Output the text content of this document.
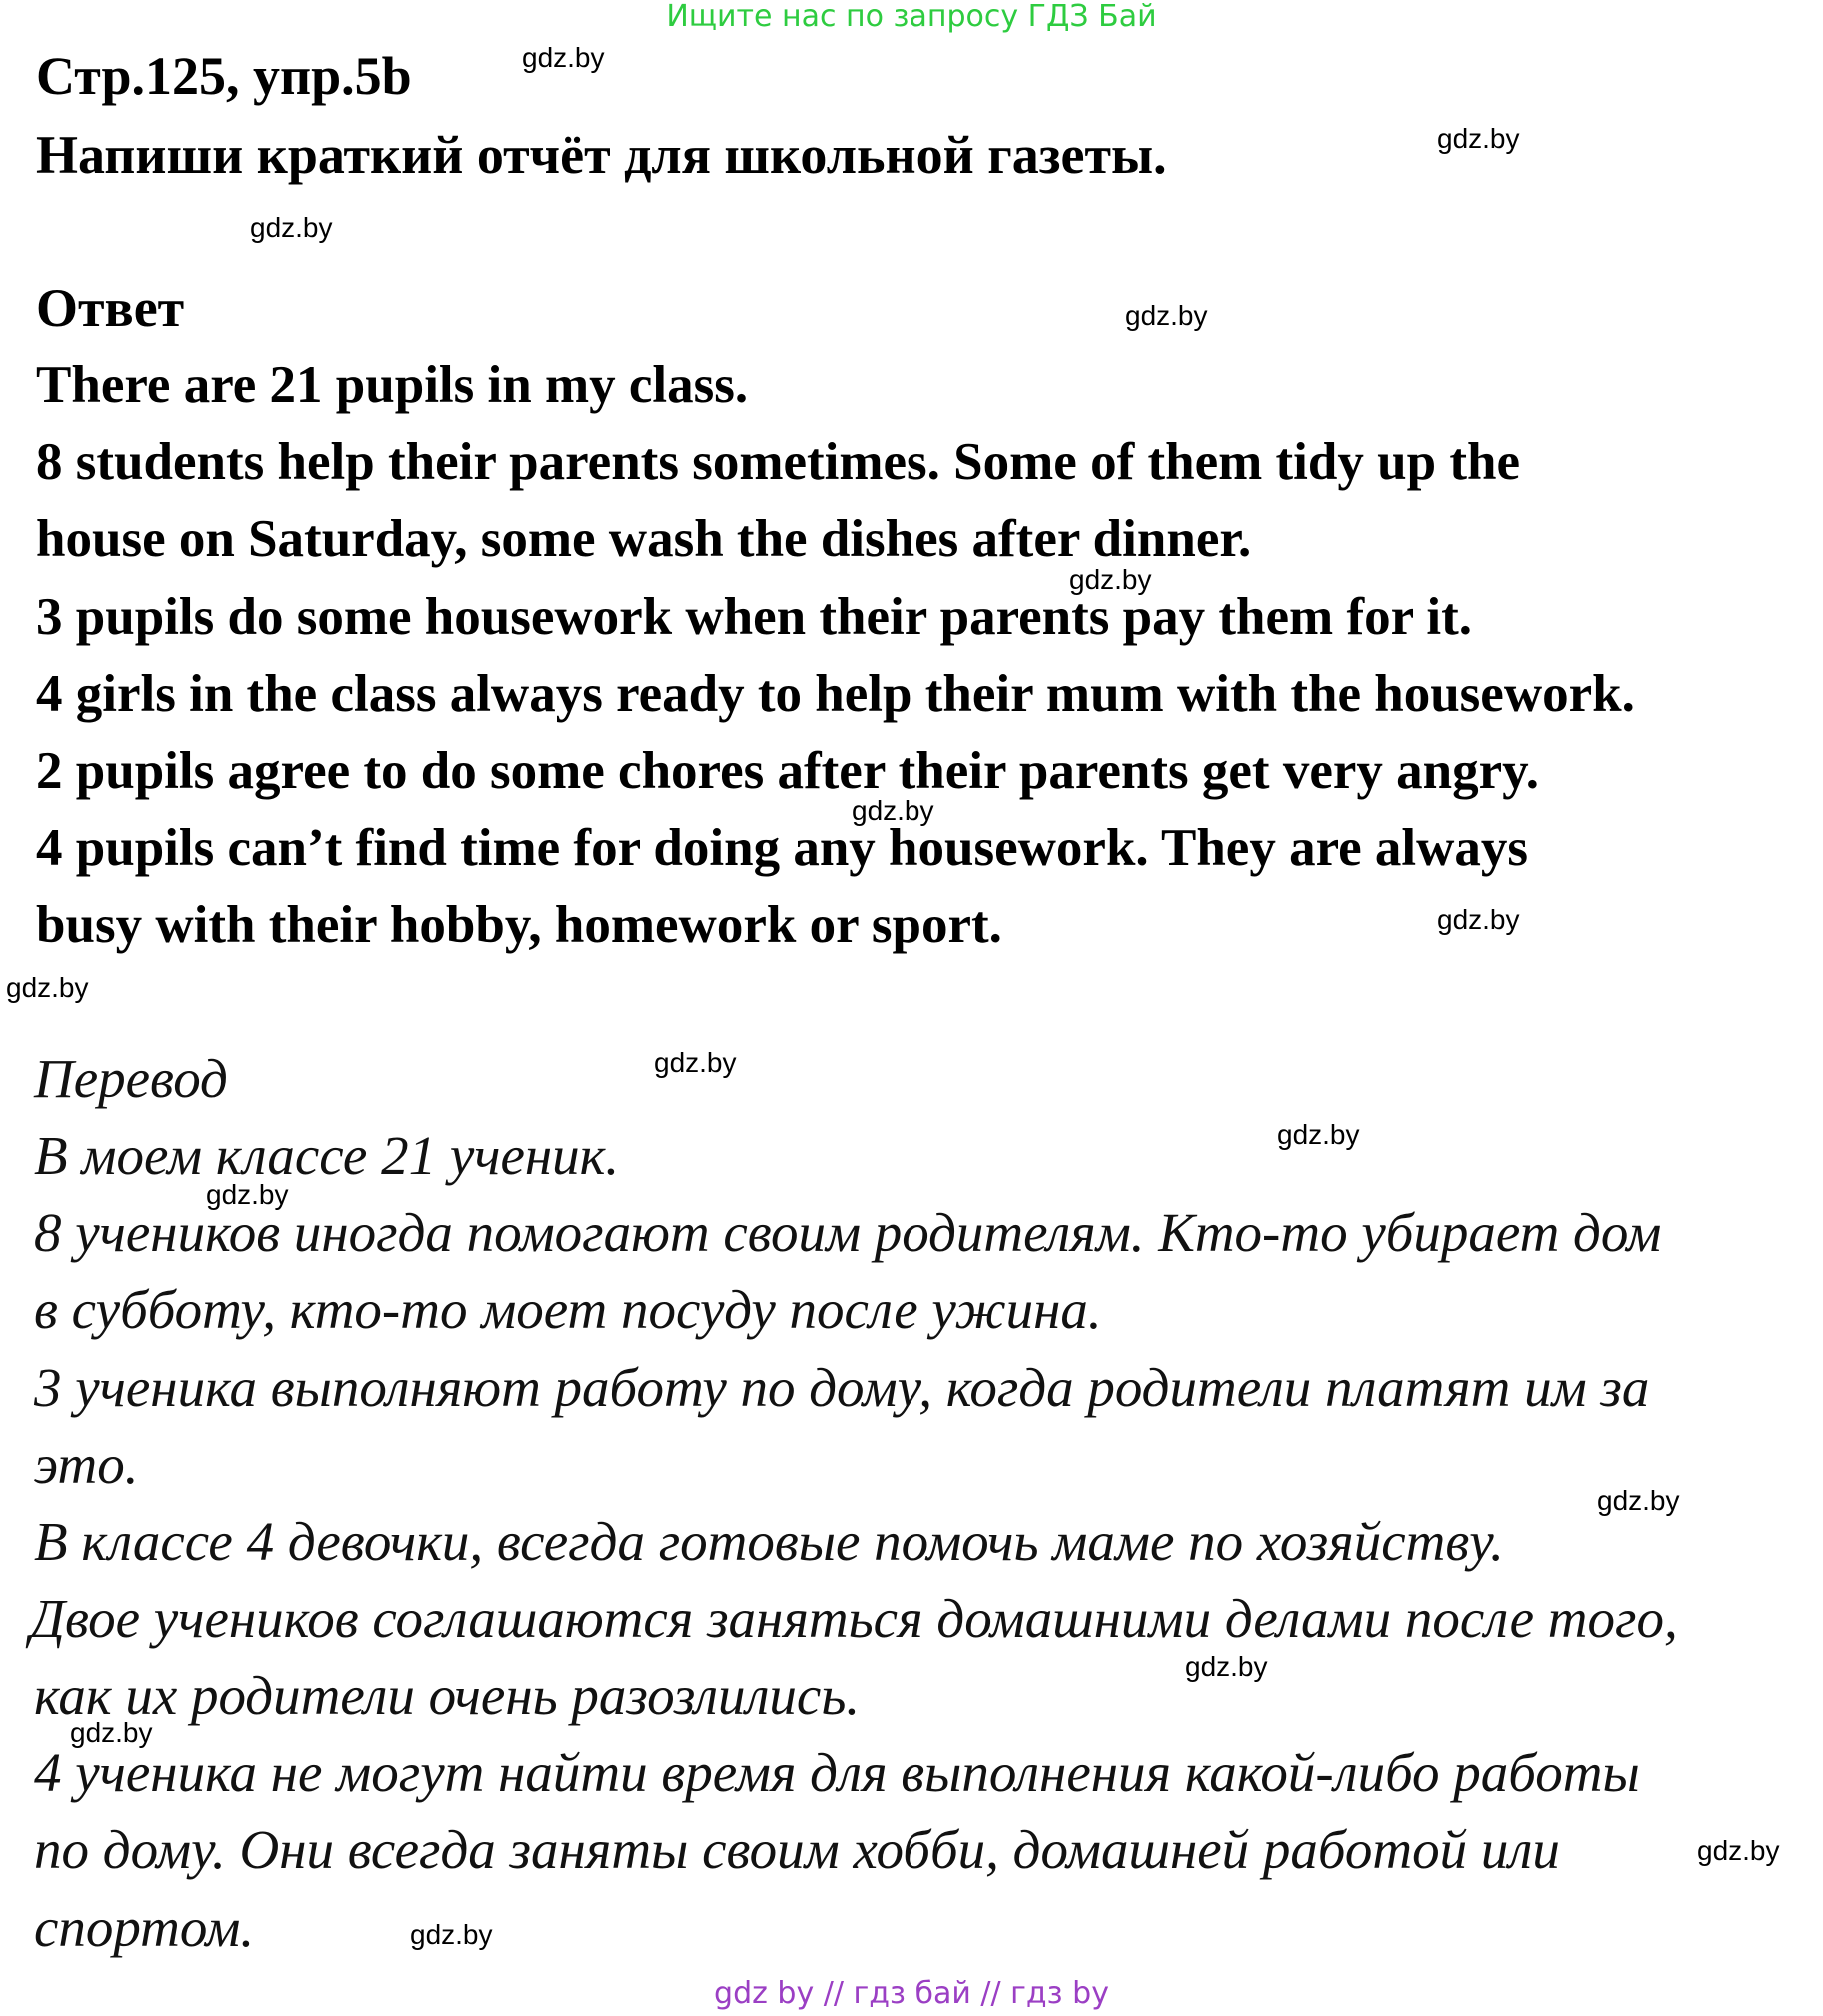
Ищите нас по запросу ГДЗ Бай
Стр.125, упр.5b
Напиши краткий отчёт для школьной газеты.
Ответ
There are 21 pupils in my class.
8 students help their parents sometimes. Some of them tidy up the
house on Saturday, some wash the dishes after dinner.
3 pupils do some housework when their parents pay them for it.
4 girls in the class always ready to help their mum with the housework.
2 pupils agree to do some chores after their parents get very angry.
4 pupils can’t find time for doing any housework. They are always
busy with their hobby, homework or sport.
Перевод
В моем классе 21 ученик.
8 учеников иногда помогают своим родителям. Кто-то убирает дом
в субботу, кто-то моет посуду после ужина.
3 ученика выполняют работу по дому, когда родители платят им за
это.
В классе 4 девочки, всегда готовые помочь маме по хозяйству.
Двое учеников соглашаются заняться домашними делами после того,
как их родители очень разозлились.
4 ученика не могут найти время для выполнения какой-либо работы
по дому. Они всегда заняты своим хобби, домашней работой или
спортом.
gdz.by
gdz.by
gdz.by
gdz.by
gdz.by
gdz.by
gdz.by
gdz.by
gdz.by
gdz.by
gdz.by
gdz.by
gdz.by
gdz.by
gdz.by
gdz.by
gdz by // гдз бай // гдз by
